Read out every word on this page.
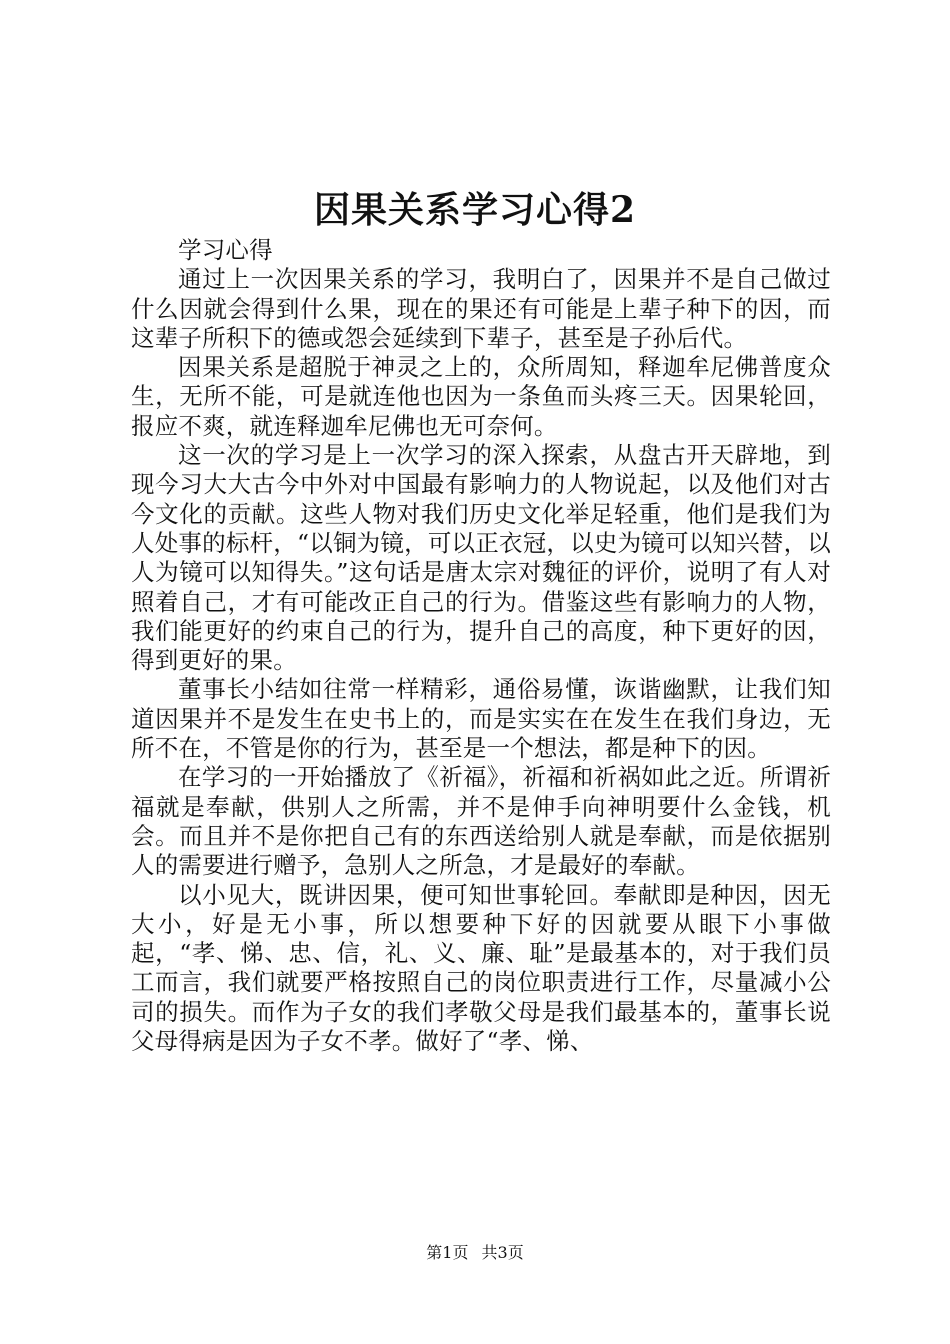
因果关系学习心得2

学习心得

通过上一次因果关系的学习，我明白了，因果并不是自己做过什么因就会得到什么果，现在的果还有可能是上辈子种下的因，而这辈子所积下的德或怨会延续到下辈子，甚至是子孙后代。

因果关系是超脱于神灵之上的，众所周知，释迦牟尼佛普度众生，无所不能，可是就连他也因为一条鱼而头疼三天。因果轮回，报应不爽，就连释迦牟尼佛也无可奈何。

这一次的学习是上一次学习的深入探索，从盘古开天辟地，到现今习大大古今中外对中国最有影响力的人物说起，以及他们对古今文化的贡献。这些人物对我们历史文化举足轻重，他们是我们为人处事的标杆，“以铜为镜，可以正衣冠，以史为镜可以知兴替，以人为镜可以知得失。”这句话是唐太宗对魏征的评价，说明了有人对照着自己，才有可能改正自己的行为。借鉴这些有影响力的人物，我们能更好的约束自己的行为，提升自己的高度，种下更好的因，得到更好的果。

董事长小结如往常一样精彩，通俗易懂，诙谐幽默，让我们知道因果并不是发生在史书上的，而是实实在在发生在我们身边，无所不在，不管是你的行为，甚至是一个想法，都是种下的因。

在学习的一开始播放了《祈福》，祈福和祈祸如此之近。所谓祈福就是奉献，供别人之所需，并不是伸手向神明要什么金钱，机会。而且并不是你把自己有的东西送给别人就是奉献，而是依据别人的需要进行赠予，急别人之所急，才是最好的奉献。

以小见大，既讲因果，便可知世事轮回。奉献即是种因，因无大小，好是无小事，所以想要种下好的因就要从眼下小事做起，“孝、悌、忠、信，礼、义、廉、耻”是最基本的，对于我们员工而言，我们就要严格按照自己的岗位职责进行工作，尽量减小公司的损失。而作为子女的我们孝敬父母是我们最基本的，董事长说父母得病是因为子女不孝。做好了“孝、悌、

第1页 共3页
